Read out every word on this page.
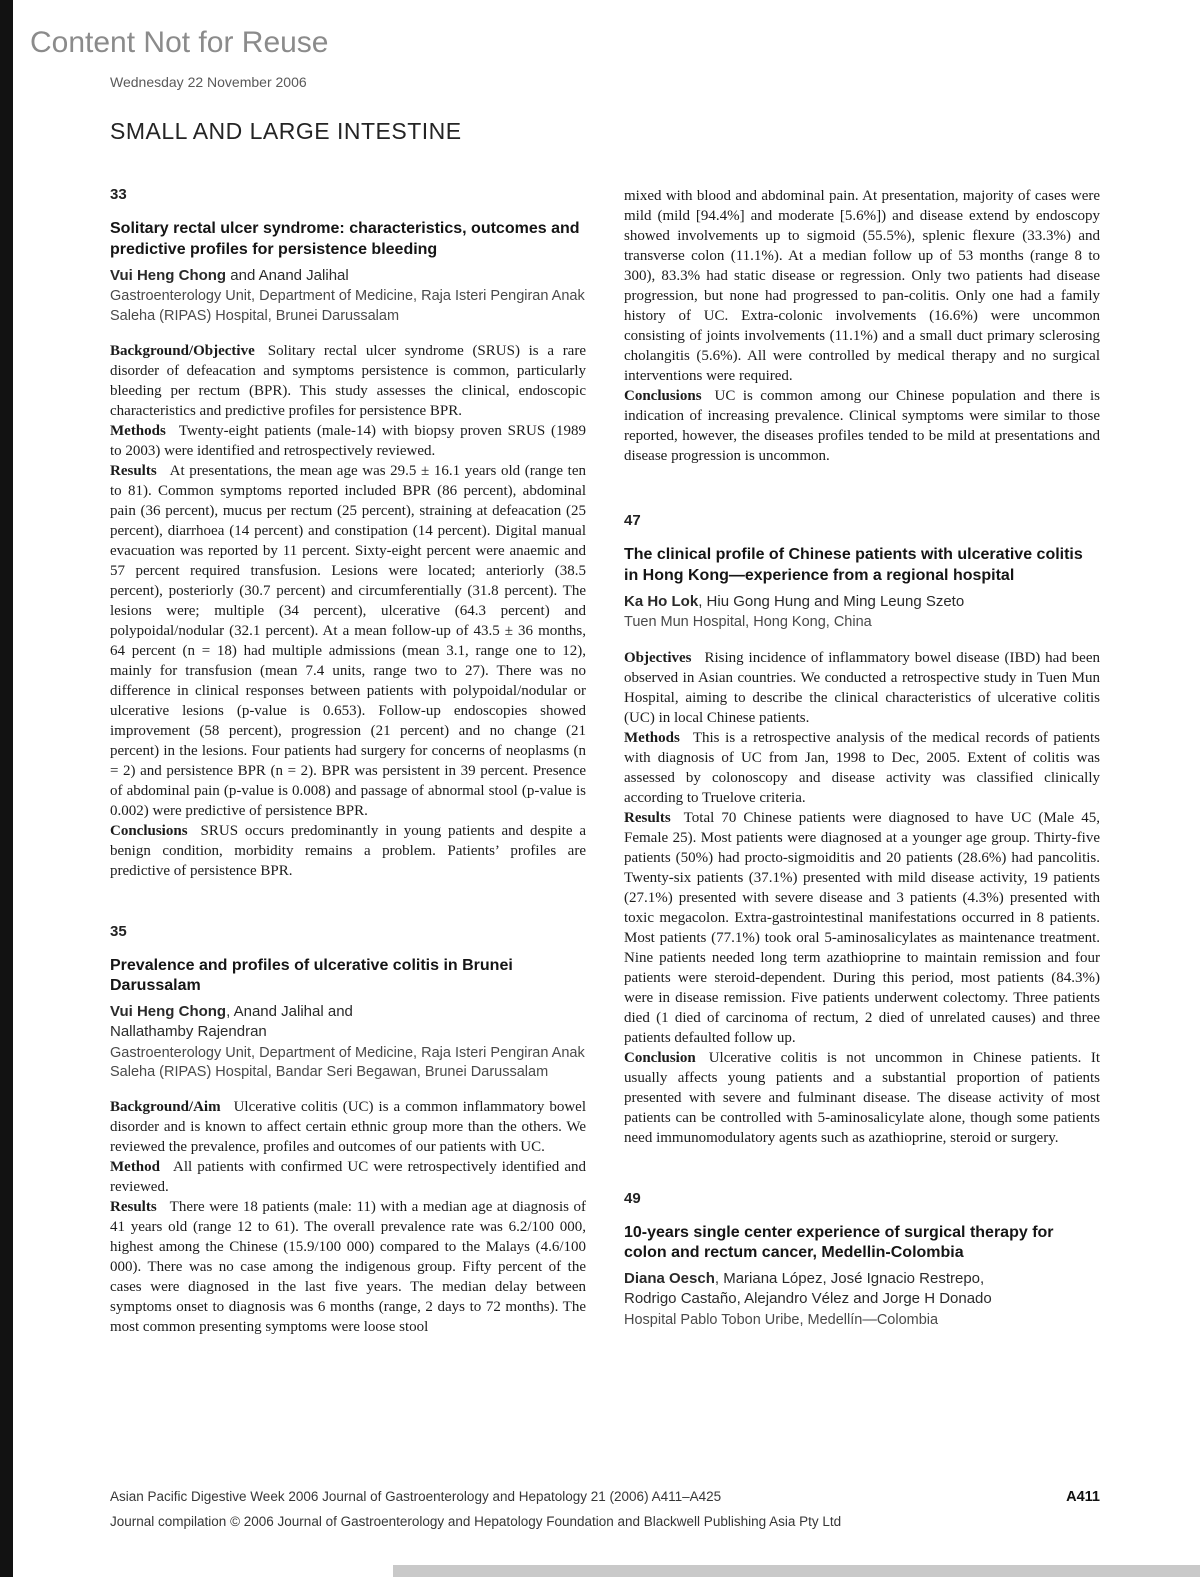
Content Not for Reuse
Wednesday 22 November 2006
SMALL AND LARGE INTESTINE
33
Solitary rectal ulcer syndrome: characteristics, outcomes and predictive profiles for persistence bleeding
Vui Heng Chong and Anand Jalihal
Gastroenterology Unit, Department of Medicine, Raja Isteri Pengiran Anak Saleha (RIPAS) Hospital, Brunei Darussalam

Background/Objective Solitary rectal ulcer syndrome (SRUS) is a rare disorder of defeacation and symptoms persistence is common, particularly bleeding per rectum (BPR). This study assesses the clinical, endoscopic characteristics and predictive profiles for persistence BPR.

Methods Twenty-eight patients (male-14) with biopsy proven SRUS (1989 to 2003) were identified and retrospectively reviewed.

Results At presentations, the mean age was 29.5 ± 16.1 years old (range ten to 81). Common symptoms reported included BPR (86 percent), abdominal pain (36 percent), mucus per rectum (25 percent), straining at defeacation (25 percent), diarrhoea (14 percent) and constipation (14 percent). Digital manual evacuation was reported by 11 percent. Sixty-eight percent were anaemic and 57 percent required transfusion. Lesions were located; anteriorly (38.5 percent), posteriorly (30.7 percent) and circumferentially (31.8 percent). The lesions were; multiple (34 percent), ulcerative (64.3 percent) and polypoidal/nodular (32.1 percent). At a mean follow-up of 43.5 ± 36 months, 64 percent (n = 18) had multiple admissions (mean 3.1, range one to 12), mainly for transfusion (mean 7.4 units, range two to 27). There was no difference in clinical responses between patients with polypoidal/nodular or ulcerative lesions (p-value is 0.653). Follow-up endoscopies showed improvement (58 percent), progression (21 percent) and no change (21 percent) in the lesions. Four patients had surgery for concerns of neoplasms (n = 2) and persistence BPR (n = 2). BPR was persistent in 39 percent. Presence of abdominal pain (p-value is 0.008) and passage of abnormal stool (p-value is 0.002) were predictive of persistence BPR.

Conclusions SRUS occurs predominantly in young patients and despite a benign condition, morbidity remains a problem. Patients’ profiles are predictive of persistence BPR.

35
Prevalence and profiles of ulcerative colitis in Brunei Darussalam
Vui Heng Chong, Anand Jalihal and
Nallathamby Rajendran
Gastroenterology Unit, Department of Medicine, Raja Isteri Pengiran Anak Saleha (RIPAS) Hospital, Bandar Seri Begawan, Brunei Darussalam

Background/Aim Ulcerative colitis (UC) is a common inflammatory bowel disorder and is known to affect certain ethnic group more than the others. We reviewed the prevalence, profiles and outcomes of our patients with UC.

Method All patients with confirmed UC were retrospectively identified and reviewed.

Results There were 18 patients (male: 11) with a median age at diagnosis of 41 years old (range 12 to 61). The overall prevalence rate was 6.2/100 000, highest among the Chinese (15.9/100 000) compared to the Malays (4.6/100 000). There was no case among the indigenous group. Fifty percent of the cases were diagnosed in the last five years. The median delay between symptoms onset to diagnosis was 6 months (range, 2 days to 72 months). The most common presenting symptoms were loose stool

mixed with blood and abdominal pain. At presentation, majority of cases were mild (mild [94.4%] and moderate [5.6%]) and disease extend by endoscopy showed involvements up to sigmoid (55.5%), splenic flexure (33.3%) and transverse colon (11.1%). At a median follow up of 53 months (range 8 to 300), 83.3% had static disease or regression. Only two patients had disease progression, but none had progressed to pan-colitis. Only one had a family history of UC. Extra-colonic involvements (16.6%) were uncommon consisting of joints involvements (11.1%) and a small duct primary sclerosing cholangitis (5.6%). All were controlled by medical therapy and no surgical interventions were required.

Conclusions UC is common among our Chinese population and there is indication of increasing prevalence. Clinical symptoms were similar to those reported, however, the diseases profiles tended to be mild at presentations and disease progression is uncommon.

47
The clinical profile of Chinese patients with ulcerative colitis in Hong Kong—experience from a regional hospital
Ka Ho Lok, Hiu Gong Hung and Ming Leung Szeto
Tuen Mun Hospital, Hong Kong, China

Objectives Rising incidence of inflammatory bowel disease (IBD) had been observed in Asian countries. We conducted a retrospective study in Tuen Mun Hospital, aiming to describe the clinical characteristics of ulcerative colitis (UC) in local Chinese patients.

Methods This is a retrospective analysis of the medical records of patients with diagnosis of UC from Jan, 1998 to Dec, 2005. Extent of colitis was assessed by colonoscopy and disease activity was classified clinically according to Truelove criteria.

Results Total 70 Chinese patients were diagnosed to have UC (Male 45, Female 25). Most patients were diagnosed at a younger age group. Thirty-five patients (50%) had procto-sigmoiditis and 20 patients (28.6%) had pancolitis. Twenty-six patients (37.1%) presented with mild disease activity, 19 patients (27.1%) presented with severe disease and 3 patients (4.3%) presented with toxic megacolon. Extra-gastrointestinal manifestations occurred in 8 patients. Most patients (77.1%) took oral 5-aminosalicylates as maintenance treatment. Nine patients needed long term azathioprine to maintain remission and four patients were steroid-dependent. During this period, most patients (84.3%) were in disease remission. Five patients underwent colectomy. Three patients died (1 died of carcinoma of rectum, 2 died of unrelated causes) and three patients defaulted follow up.

Conclusion Ulcerative colitis is not uncommon in Chinese patients. It usually affects young patients and a substantial proportion of patients presented with severe and fulminant disease. The disease activity of most patients can be controlled with 5-aminosalicylate alone, though some patients need immunomodulatory agents such as azathioprine, steroid or surgery.

49
10-years single center experience of surgical therapy for colon and rectum cancer, Medellin-Colombia
Diana Oesch, Mariana López, José Ignacio Restrepo,
Rodrigo Castaño, Alejandro Vélez and Jorge H Donado
Hospital Pablo Tobon Uribe, Medellín—Colombia
Asian Pacific Digestive Week 2006 Journal of Gastroenterology and Hepatology 21 (2006) A411–A425	A411
Journal compilation © 2006 Journal of Gastroenterology and Hepatology Foundation and Blackwell Publishing Asia Pty Ltd
